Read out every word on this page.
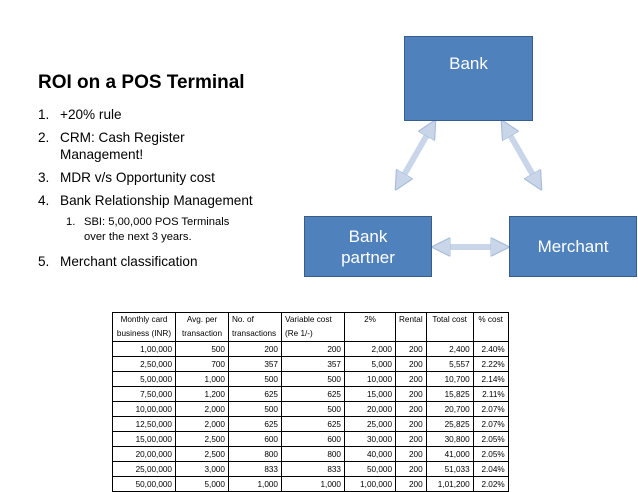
ROI on a POS Terminal
1. +20% rule
2. CRM: Cash Register Management!
3. MDR v/s Opportunity cost
4. Bank Relationship Management
1. SBI: 5,00,000 POS Terminals over the next 3 years.
5. Merchant classification
Bank
Merchant
Bank
partner
Monthly card business (INR)	Avg. per transaction	No. of transactions	Variable cost (Re 1/-)	2%	Rental	Total cost	% cost
1,00,000	500	200	200	2,000	200	2,400	2.40%
2,50,000	700	357	357	5,000	200	5,557	2.22%
5,00,000	1,000	500	500	10,000	200	10,700	2.14%
7,50,000	1,200	625	625	15,000	200	15,825	2.11%
10,00,000	2,000	500	500	20,000	200	20,700	2.07%
12,50,000	2,000	625	625	25,000	200	25,825	2.07%
15,00,000	2,500	600	600	30,000	200	30,800	2.05%
20,00,000	2,500	800	800	40,000	200	41,000	2.05%
25,00,000	3,000	833	833	50,000	200	51,033	2.04%
50,00,000	5,000	1,000	1,000	1,00,000	200	1,01,200	2.02%
